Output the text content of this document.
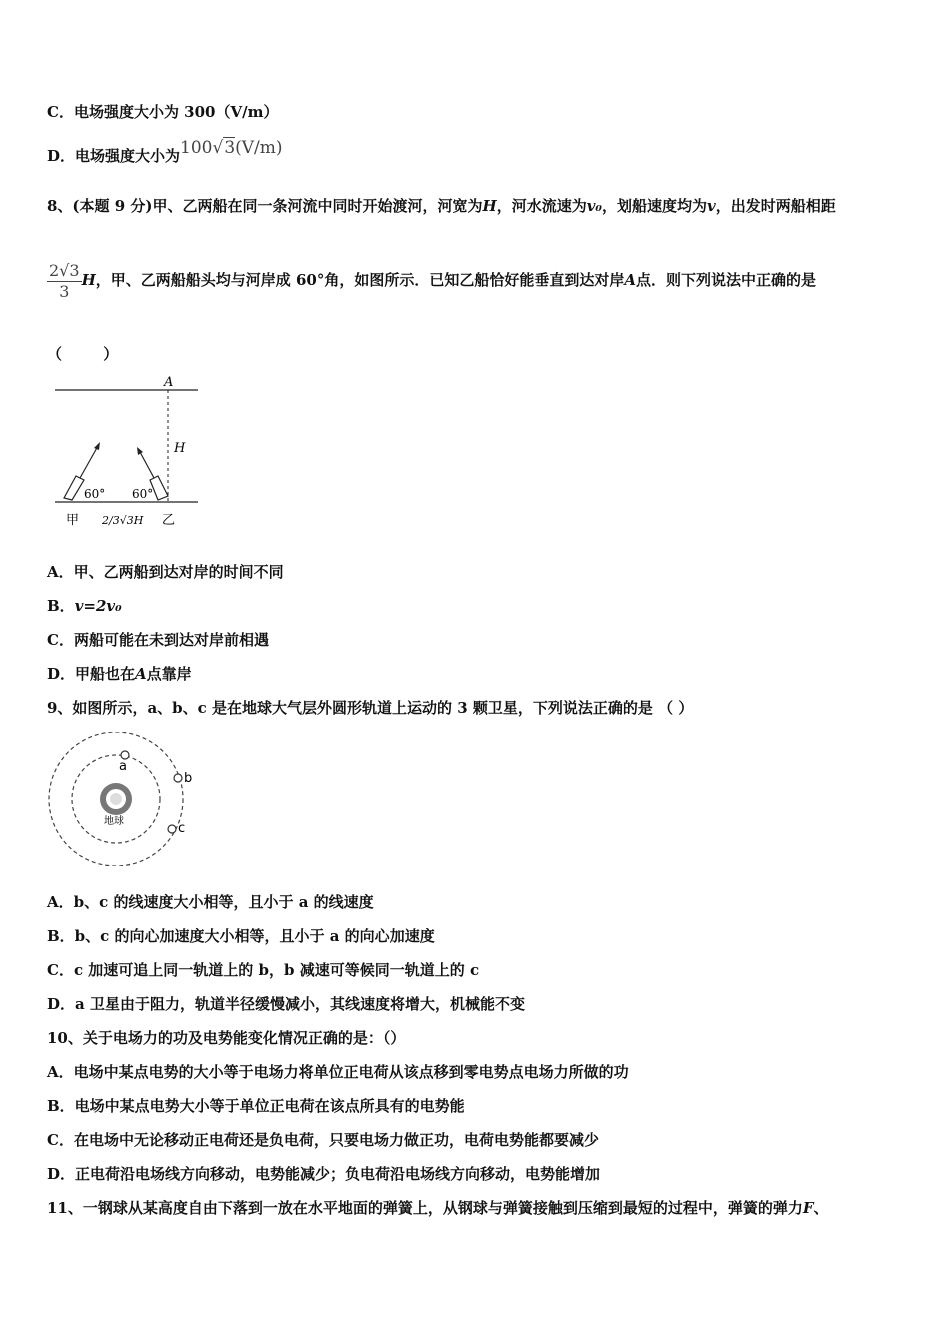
C．电场强度大小为 300（V/m）
D．电场强度大小为100√3(V/m)
8、(本题 9 分)甲、乙两船在同一条河流中同时开始渡河，河宽为H，河水流速为v₀，划船速度均为v，出发时两船相距
$\frac{2√3}{3}$ H，甲、乙两船船头均与河岸成 60°角，如图所示．已知乙船恰好能垂直到达对岸A点．则下列说法中正确的是
（ ）
A
H
60° 60°
甲	乙
2/3√3H
A．甲、乙两船到达对岸的时间不同
B．v=2v₀
C．两船可能在未到达对岸前相遇
D．甲船也在A点靠岸
9、如图所示，a、b、c 是在地球大气层外圆形轨道上运动的 3 颗卫星，下列说法正确的是 （ ）
地球
a
b
c
A．b、c 的线速度大小相等，且小于 a 的线速度
B．b、c 的向心加速度大小相等，且小于 a 的向心加速度
C．c 加速可追上同一轨道上的 b，b 减速可等候同一轨道上的 c
D．a 卫星由于阻力，轨道半径缓慢减小，其线速度将增大，机械能不变
10、关于电场力的功及电势能变化情况正确的是：（）
A．电场中某点电势的大小等于电场力将单位正电荷从该点移到零电势点电场力所做的功
B．电场中某点电势大小等于单位正电荷在该点所具有的电势能
C．在电场中无论移动正电荷还是负电荷，只要电场力做正功，电荷电势能都要减少
D．正电荷沿电场线方向移动，电势能减少；负电荷沿电场线方向移动，电势能增加
11、一钢球从某高度自由下落到一放在水平地面的弹簧上，从钢球与弹簧接触到压缩到最短的过程中，弹簧的弹力F、
